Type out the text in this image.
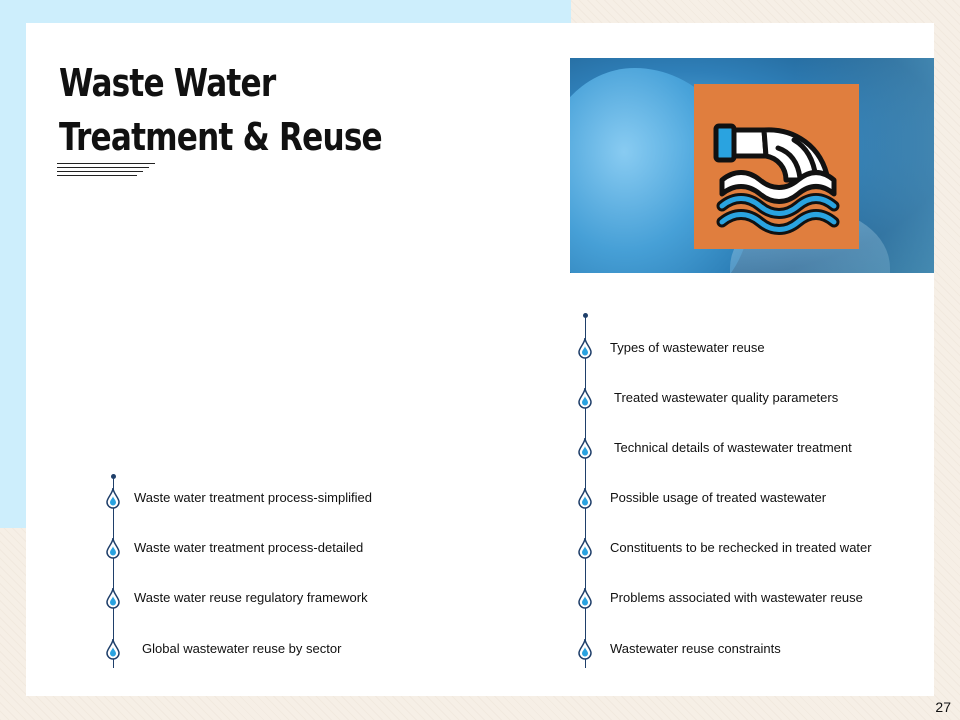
Waste Water
Treatment & Reuse
Waste water treatment process-simplified
Waste water treatment process-detailed
Waste water reuse regulatory framework
Global wastewater reuse by sector
Types of wastewater reuse
Treated wastewater quality parameters
Technical details of wastewater treatment
Possible usage of treated wastewater
Constituents to be rechecked in treated water
Problems associated with wastewater reuse
Wastewater reuse constraints
27
